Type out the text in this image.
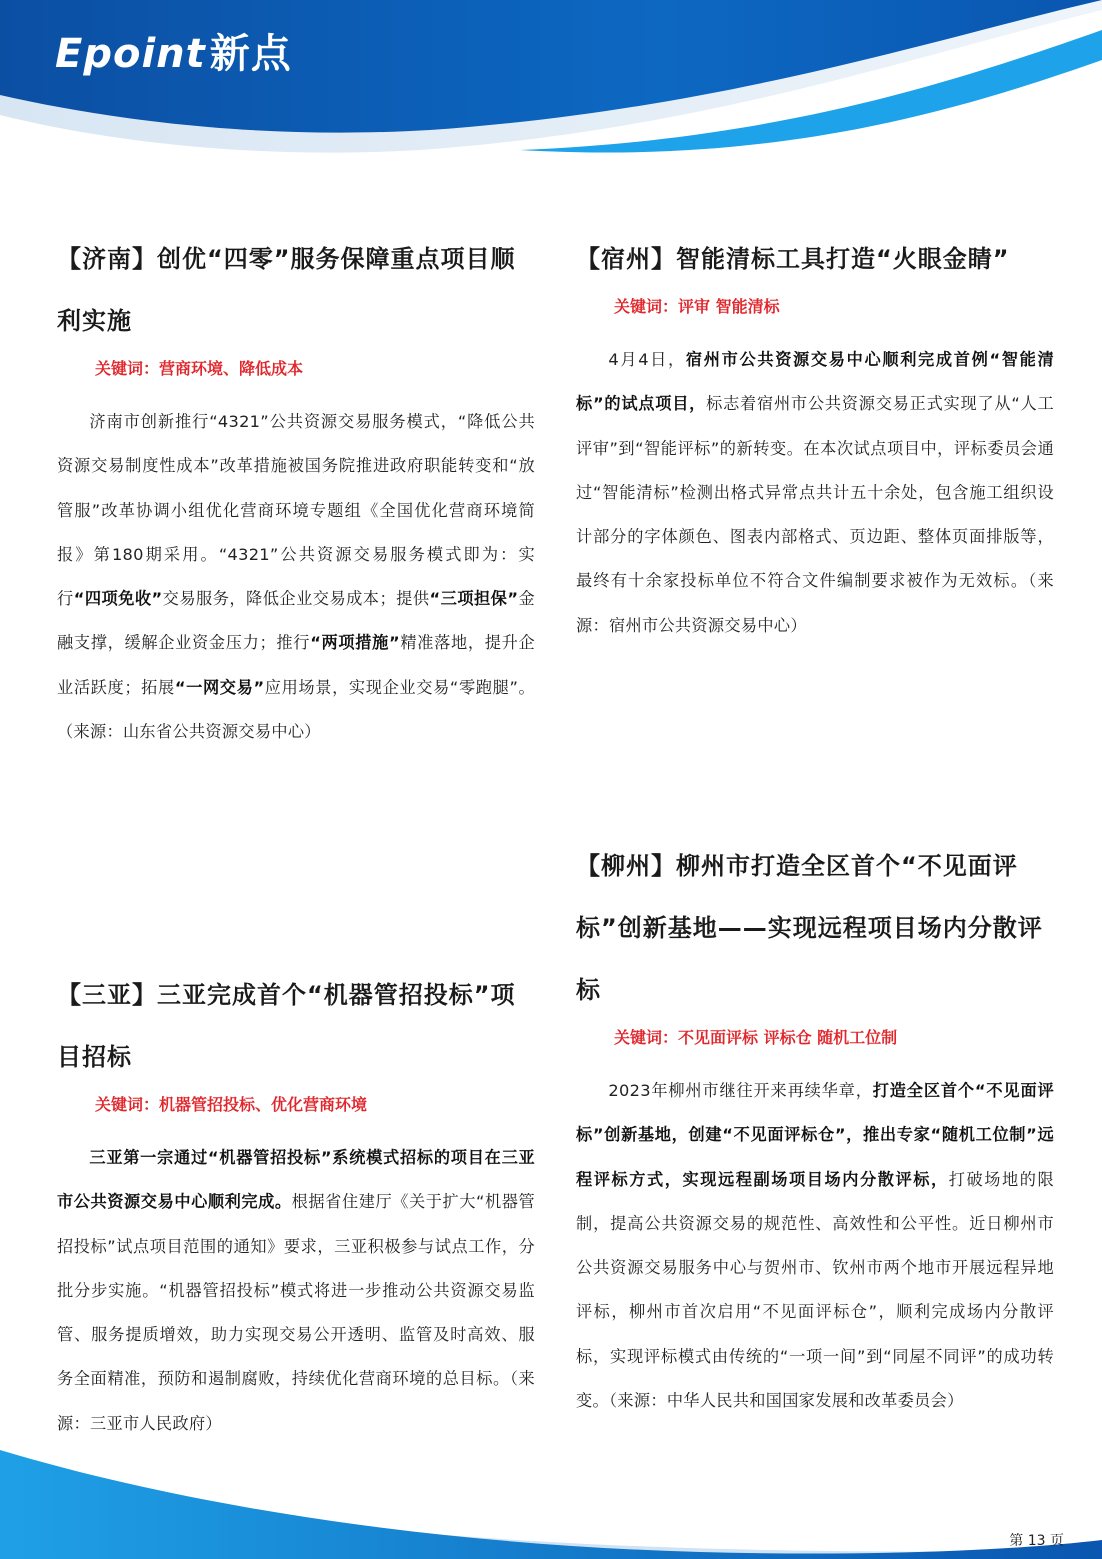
Epoint 新点
【济南】创优“四零”服务保障重点项目顺利实施
关键词：营商环境、降低成本

济南市创新推行“4321”公共资源交易服务模式，“降低公共资源交易制度性成本”改革措施被国务院推进政府职能转变和“放管服”改革协调小组优化营商环境专题组《全国优化营商环境简报》第180期采用。“4321”公共资源交易服务模式即为：实行“四项免收”交易服务，降低企业交易成本；提供“三项担保”金融支撑，缓解企业资金压力；推行“两项措施”精准落地，提升企业活跃度；拓展“一网交易”应用场景，实现企业交易“零跑腿”。（来源：山东省公共资源交易中心）

【三亚】三亚完成首个“机器管招投标”项目招标
关键词：机器管招投标、优化营商环境

三亚第一宗通过“机器管招投标”系统模式招标的项目在三亚市公共资源交易中心顺利完成。根据省住建厅《关于扩大“机器管招投标”试点项目范围的通知》要求，三亚积极参与试点工作，分批分步实施。“机器管招投标”模式将进一步推动公共资源交易监管、服务提质增效，助力实现交易公开透明、监管及时高效、服务全面精准，预防和遏制腐败，持续优化营商环境的总目标。（来源：三亚市人民政府）

【宿州】智能清标工具打造“火眼金睛”
关键词：评审 智能清标

4月4日，宿州市公共资源交易中心顺利完成首例“智能清标”的试点项目，标志着宿州市公共资源交易正式实现了从“人工评审”到“智能评标”的新转变。在本次试点项目中，评标委员会通过“智能清标”检测出格式异常点共计五十余处，包含施工组织设计部分的字体颜色、图表内部格式、页边距、整体页面排版等，最终有十余家投标单位不符合文件编制要求被作为无效标。（来源：宿州市公共资源交易中心）

【柳州】柳州市打造全区首个“不见面评标”创新基地——实现远程项目场内分散评标
关键词：不见面评标 评标仓 随机工位制

2023年柳州市继往开来再续华章，打造全区首个“不见面评标”创新基地，创建“不见面评标仓”，推出专家“随机工位制”远程评标方式，实现远程副场项目场内分散评标，打破场地的限制，提高公共资源交易的规范性、高效性和公平性。近日柳州市公共资源交易服务中心与贺州市、钦州市两个地市开展远程异地评标，柳州市首次启用“不见面评标仓”，顺利完成场内分散评标，实现评标模式由传统的“一项一间”到“同屋不同评”的成功转变。（来源：中华人民共和国国家发展和改革委员会）

第 13 页
